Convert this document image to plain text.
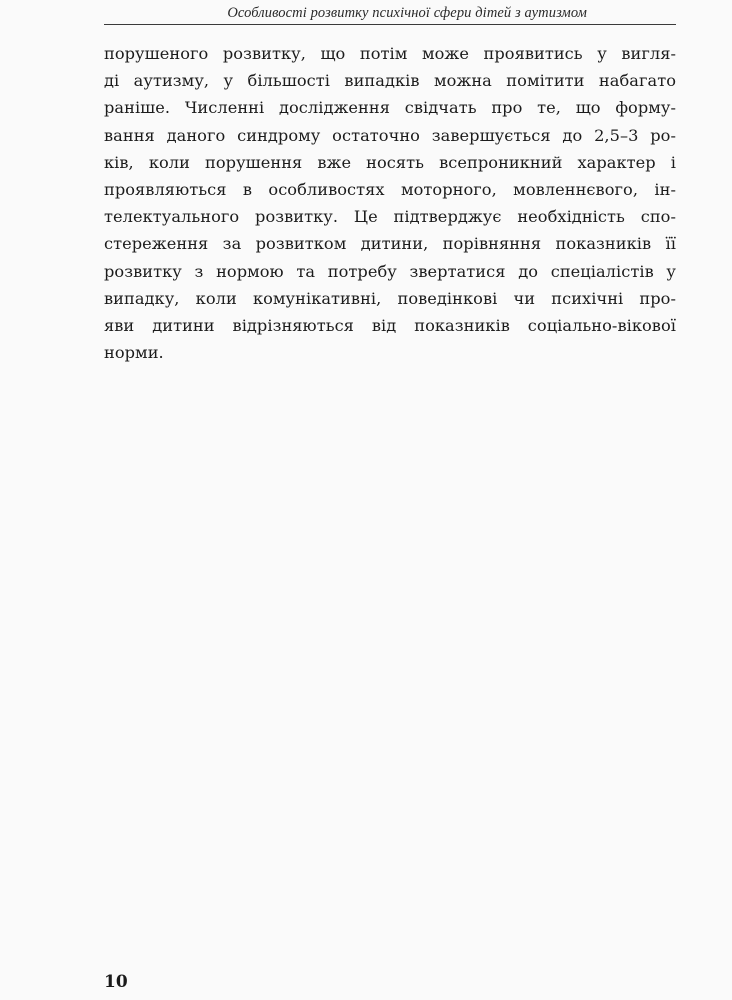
Особливості розвитку психічної сфери дітей з аутизмом
порушеного розвитку, що потім може проявитись у вигля-
ді аутизму, у більшості випадків можна помітити набагато
раніше. Численні дослідження свідчать про те, що форму-
вання даного синдрому остаточно завершується до 2,5–3 ро-
ків, коли порушення вже носять всепроникний характер і
проявляються в особливостях моторного, мовленнєвого, ін-
телектуального розвитку. Це підтверджує необхідність спо-
стереження за розвитком дитини, порівняння показників її
розвитку з нормою та потребу звертатися до спеціалістів у
випадку, коли комунікативні, поведінкові чи психічні про-
яви дитини відрізняються від показників соціально-вікової
норми.
10
